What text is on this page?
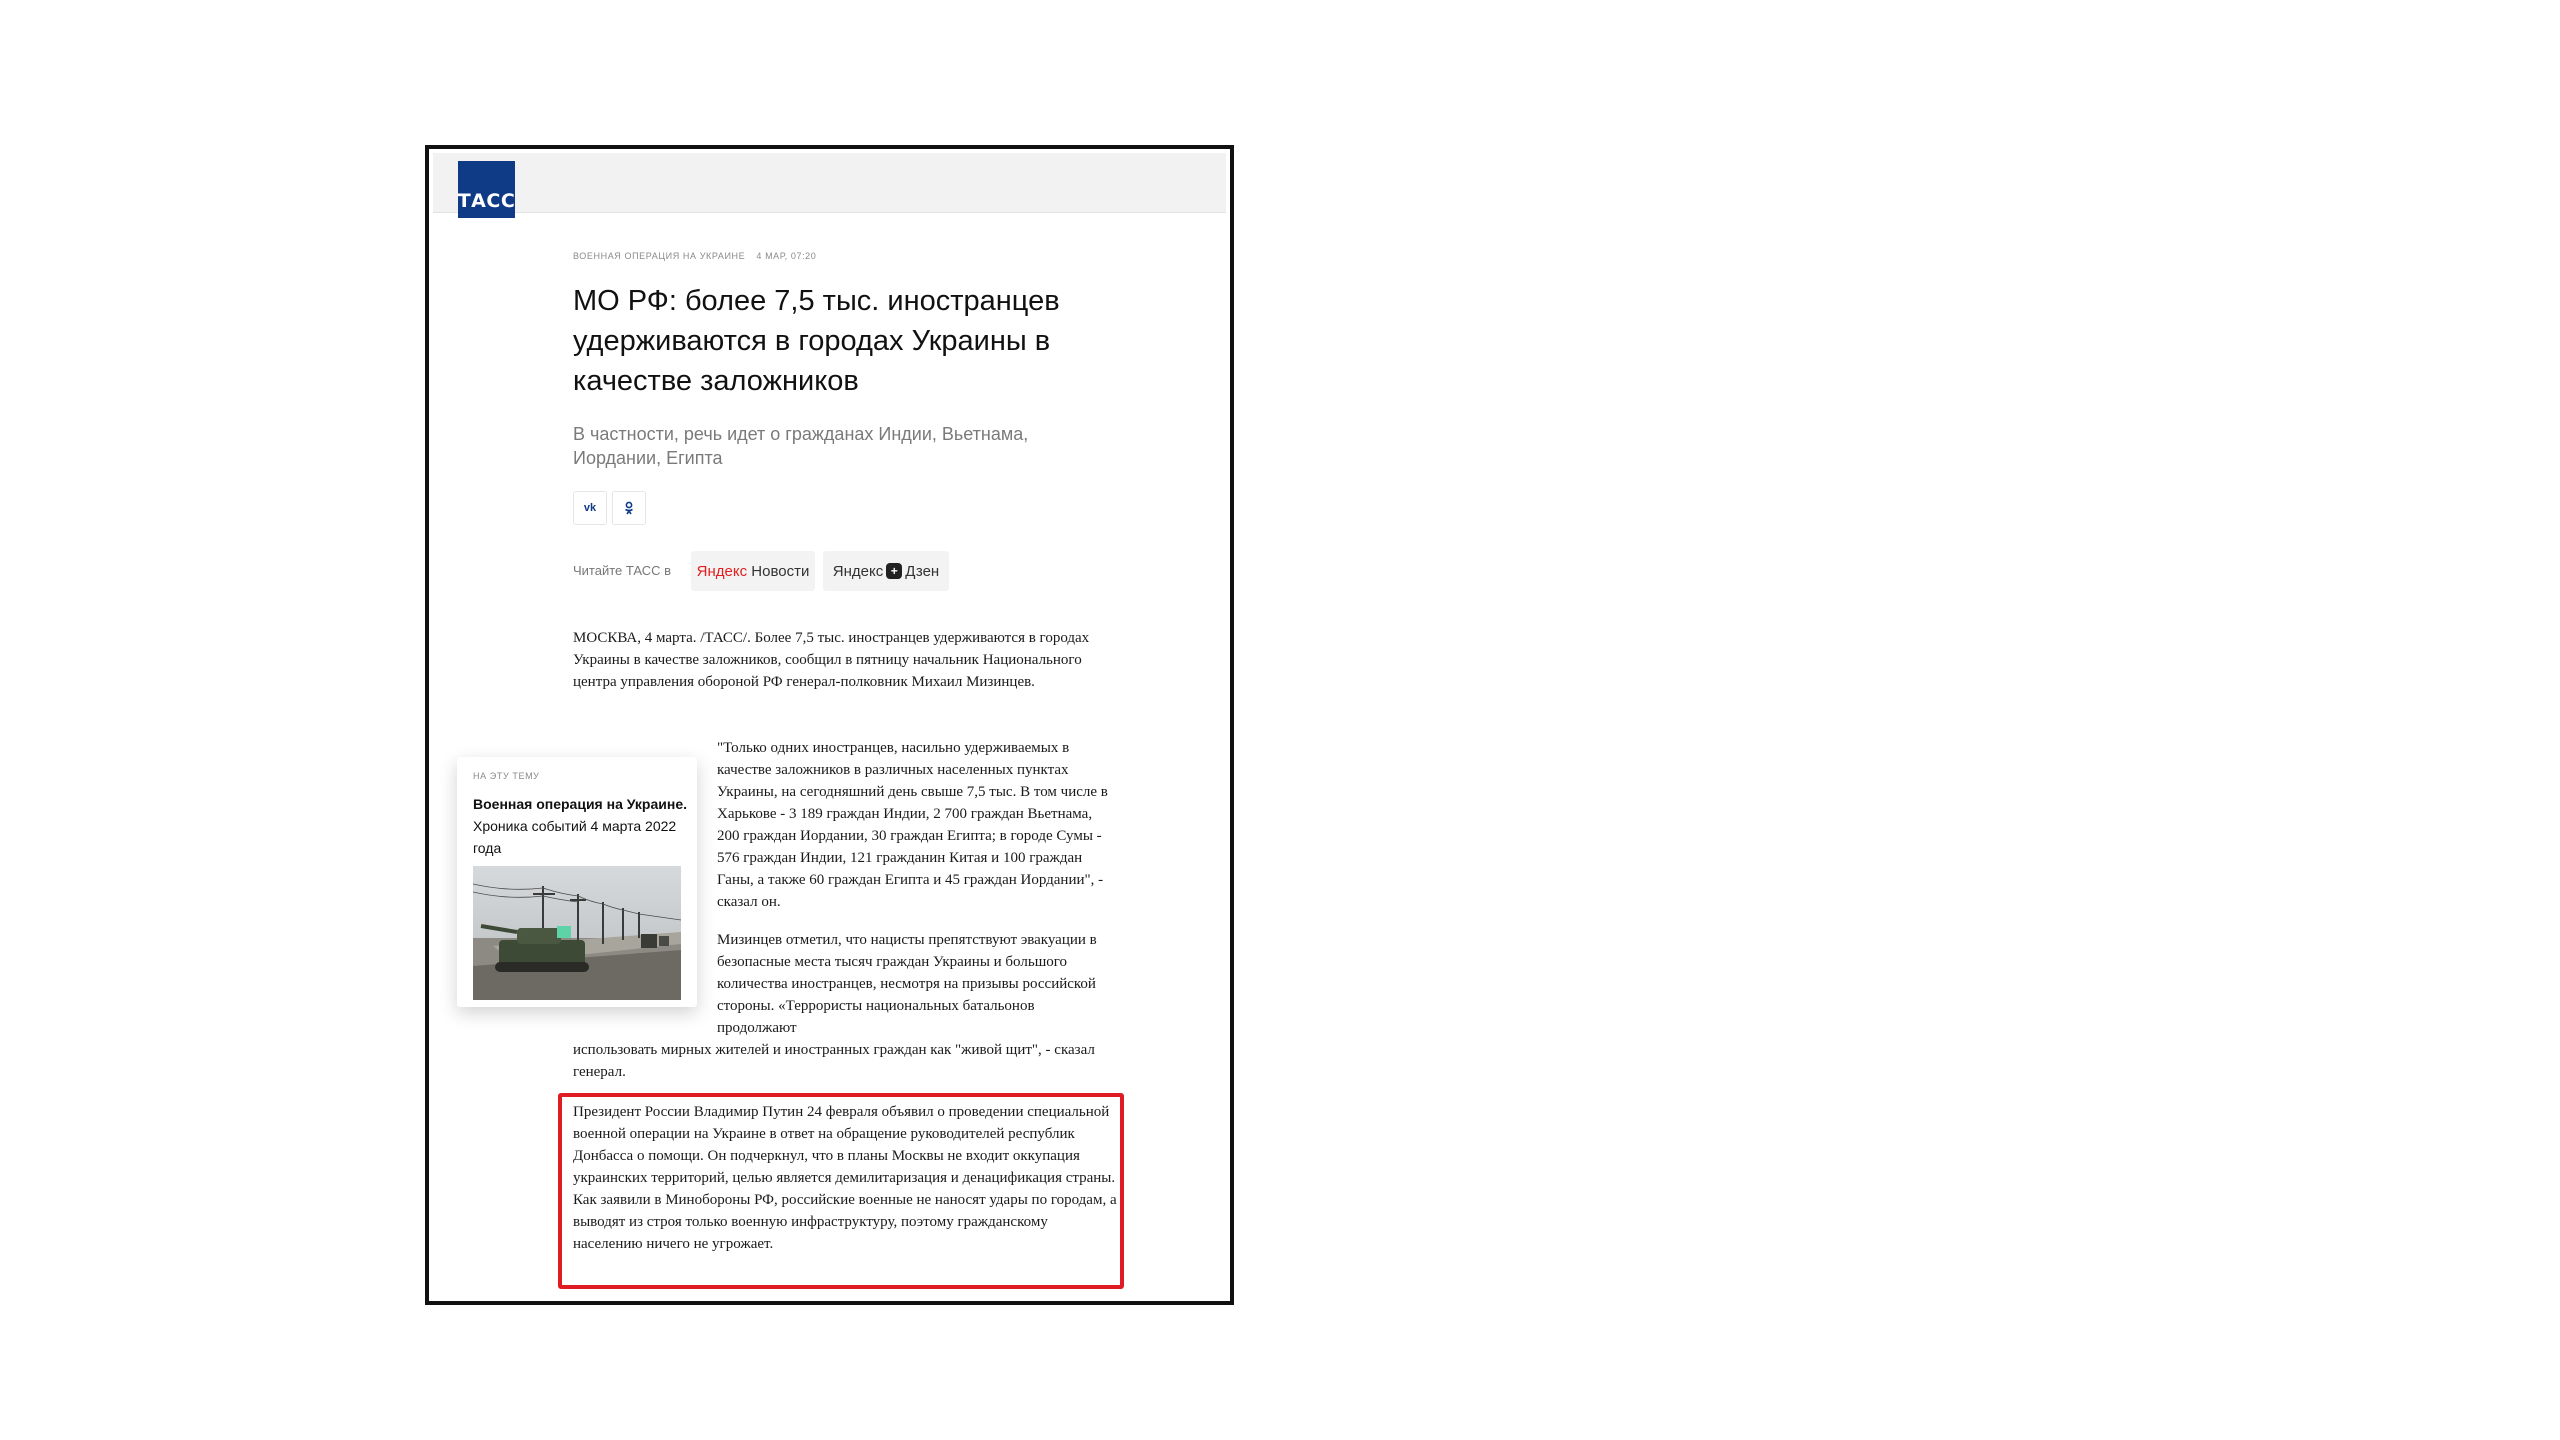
ТАСС
ВОЕННАЯ ОПЕРАЦИЯ НА УКРАИНЕ 4 МАР, 07:20
МО РФ: более 7,5 тыс. иностранцев удерживаются в городах Украины в качестве заложников
В частности, речь идет о гражданах Индии, Вьетнама, Иордании, Египта
vk
Читайте ТАСС в Яндекс
Новости Яндекс + Дзен
МОСКВА, 4 марта. /ТАСС/. Более 7,5 тыс. иностранцев удерживаются в городах Украины в качестве заложников, сообщил в пятницу начальник Национального центра управления обороной РФ генерал-полковник Михаил Мизинцев.
НА ЭТУ ТЕМУ
Военная операция на Украине. Хроника событий 4 марта 2022 года
"Только одних иностранцев, насильно удерживаемых в качестве заложников в различных населенных пунктах Украины, на сегодняшний день свыше 7,5 тыс. В том числе в Харькове - 3 189 граждан Индии, 2 700 граждан Вьетнама, 200 граждан Иордании, 30 граждан Египта; в городе Сумы - 576 граждан Индии, 121 гражданин Китая и 100 граждан Ганы, а также 60 граждан Египта и 45 граждан Иордании", - сказал он.
Мизинцев отметил, что нацисты препятствуют эвакуации в безопасные места тысяч граждан Украины и большого количества иностранцев, несмотря на призывы российской стороны. «Террористы национальных батальонов продолжают
использовать мирных жителей и иностранных граждан как "живой щит", - сказал генерал.
Президент России Владимир Путин 24 февраля объявил о проведении специальной военной операции на Украине в ответ на обращение руководителей республик Донбасса о помощи. Он подчеркнул, что в планы Москвы не входит оккупация украинских территорий, целью является демилитаризация и денацификация страны. Как заявили в Минобороны РФ, российские военные не наносят удары по городам, а выводят из строя только военную инфраструктуру, поэтому гражданскому населению ничего не угрожает.
